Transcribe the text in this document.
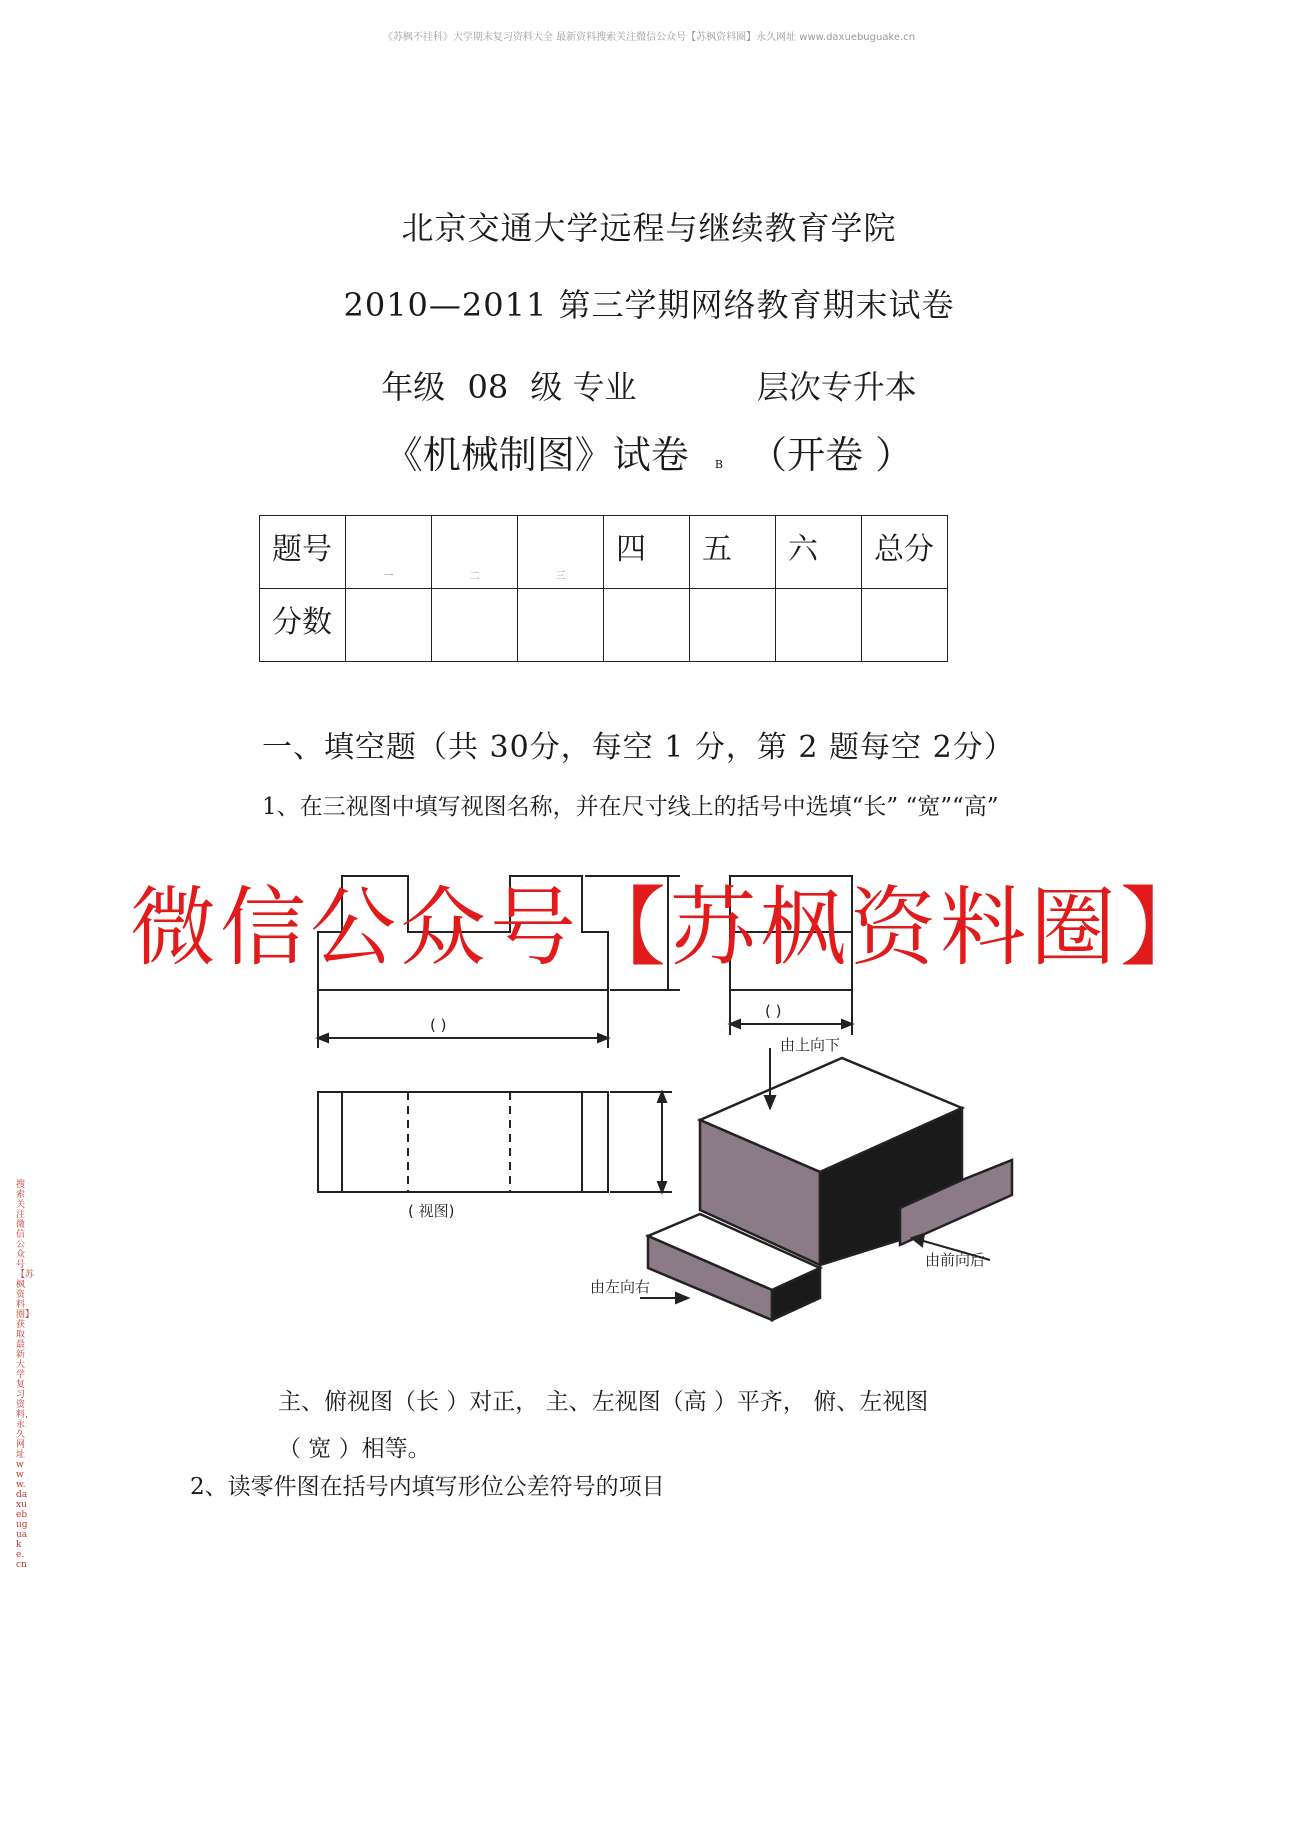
《苏枫不挂科》大学期末复习资料大全 最新资料搜索关注微信公众号【苏枫资料圈】永久网址 www.daxuebuguake.cn
搜索关注微信公众号【苏枫资料圈】获取最新大学复习资料，永久网址www.daxuebuguake.cn
北京交通大学远程与继续教育学院
2010—2011 第三学期网络教育期末试卷
年级 08 级 专业	层次专升本
《机械制图》试卷 B （开卷 ）
题号	一	二	三	四	五	六	总分
分数							
一、填空题（共 30分，每空 1 分，第 2 题每空 2分）
1、在三视图中填写视图名称，并在尺寸线上的括号中选填“长” “宽”“高”
( )
( )
( 视图)
由上向下
由前向后
由左向右
微信公众号【苏枫资料圈】
主、俯视图（长 ）对正， 主、左视图（高 ）平齐， 俯、左视图
（ 宽 ）相等。
2、读零件图在括号内填写形位公差符号的项目
